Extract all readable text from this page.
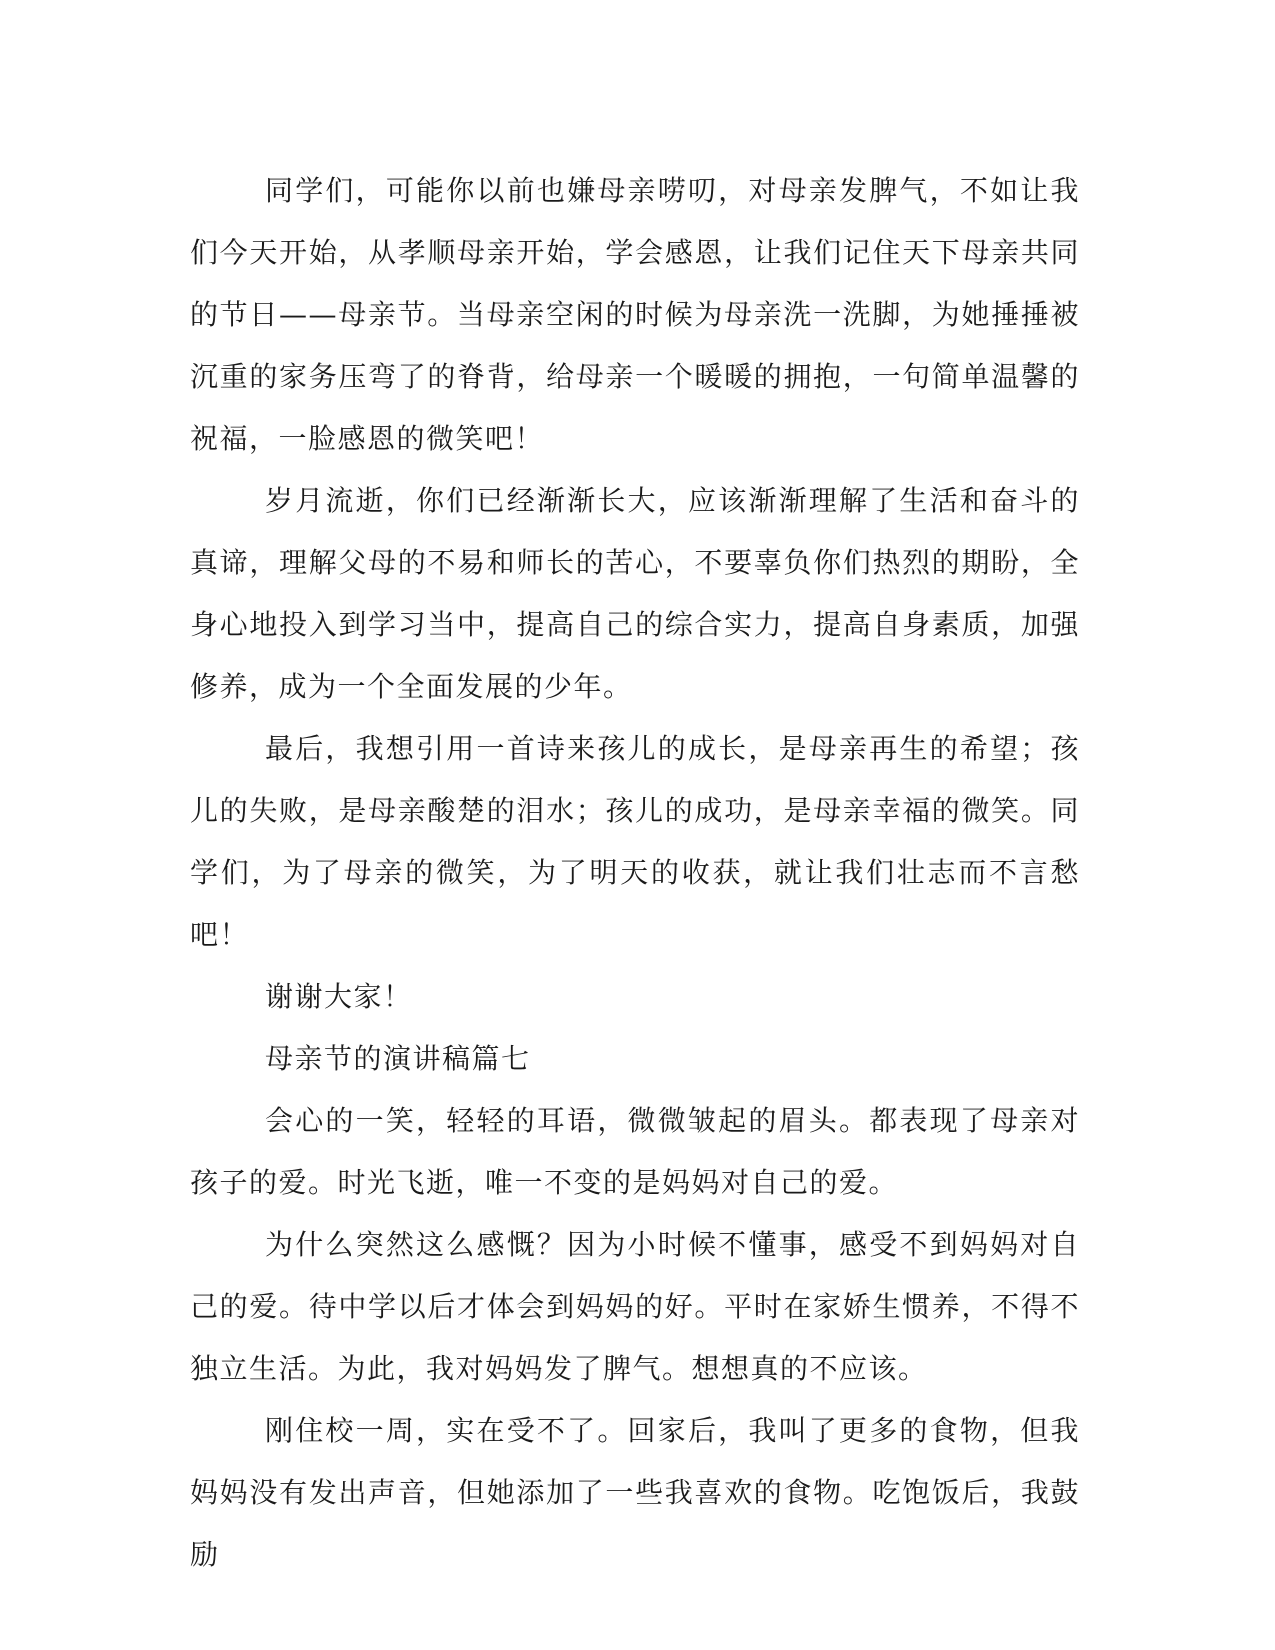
同学们，可能你以前也嫌母亲唠叨，对母亲发脾气，不如让我们今天开始，从孝顺母亲开始，学会感恩，让我们记住天下母亲共同的节日——母亲节。当母亲空闲的时候为母亲洗一洗脚，为她捶捶被沉重的家务压弯了的脊背，给母亲一个暖暖的拥抱，一句简单温馨的祝福，一脸感恩的微笑吧！

岁月流逝，你们已经渐渐长大，应该渐渐理解了生活和奋斗的真谛，理解父母的不易和师长的苦心，不要辜负你们热烈的期盼，全身心地投入到学习当中，提高自己的综合实力，提高自身素质，加强修养，成为一个全面发展的少年。

最后，我想引用一首诗来孩儿的成长，是母亲再生的希望；孩儿的失败，是母亲酸楚的泪水；孩儿的成功，是母亲幸福的微笑。同学们，为了母亲的微笑，为了明天的收获，就让我们壮志而不言愁吧！

谢谢大家！

母亲节的演讲稿篇七

会心的一笑，轻轻的耳语，微微皱起的眉头。都表现了母亲对孩子的爱。时光飞逝，唯一不变的是妈妈对自己的爱。

为什么突然这么感慨？因为小时候不懂事，感受不到妈妈对自己的爱。待中学以后才体会到妈妈的好。平时在家娇生惯养，不得不独立生活。为此，我对妈妈发了脾气。想想真的不应该。

刚住校一周，实在受不了。回家后，我叫了更多的食物，但我妈妈没有发出声音，但她添加了一些我喜欢的食物。吃饱饭后，我鼓励
